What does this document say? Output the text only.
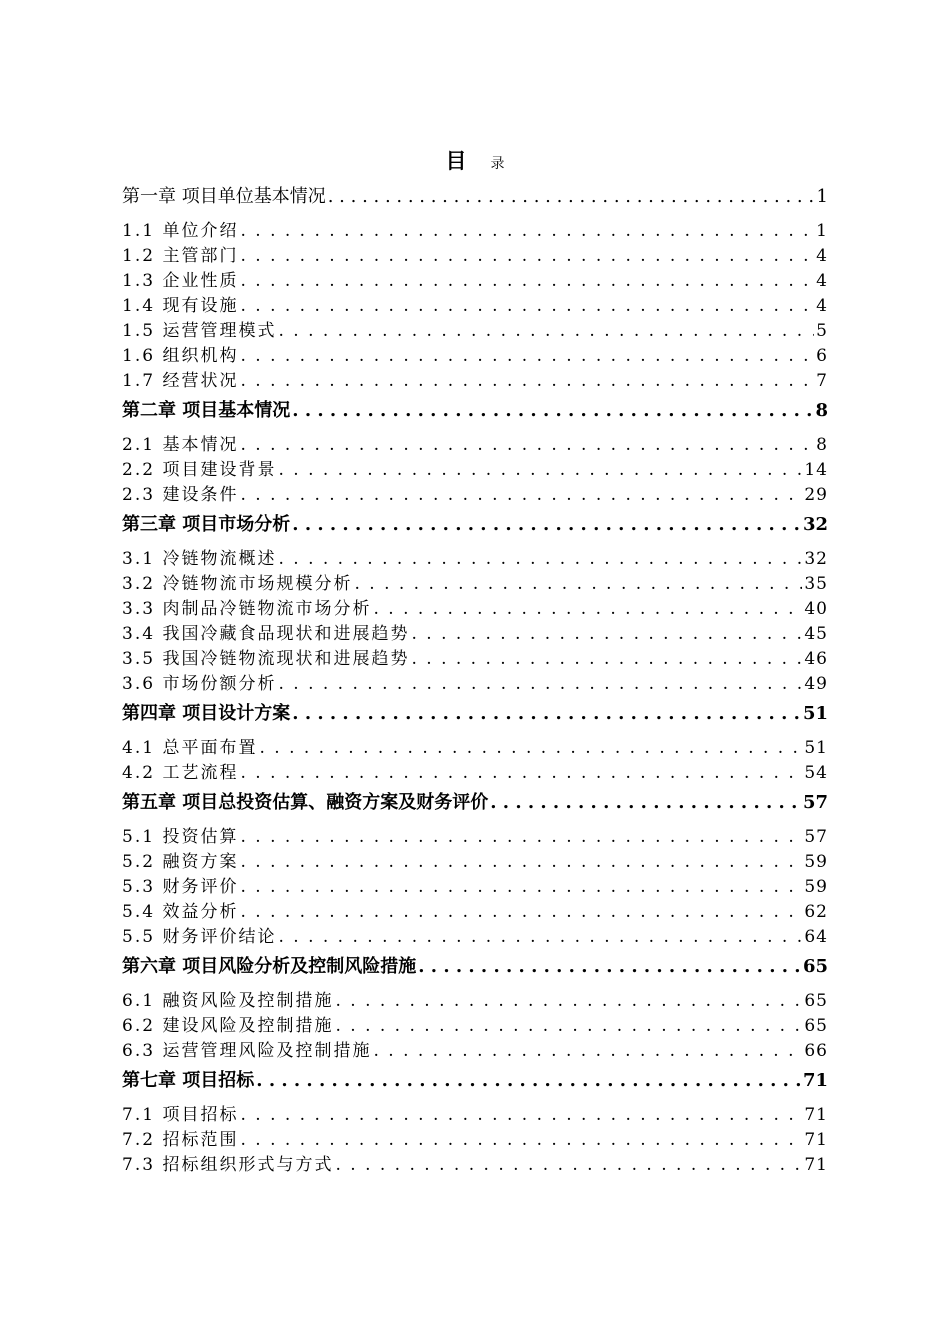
目 录
第一章 项目单位基本情况 . . .	1
1.1 单位介绍 . . .	1
1.2 主管部门 . . .	4
1.3 企业性质 . . .	4
1.4 现有设施 . . .	4
1.5 运营管理模式 . . .	5
1.6 组织机构 . . .	6
1.7 经营状况 . . .	7
第二章 项目基本情况 . . .	8
2.1 基本情况 . . .	8
2.2 项目建设背景 . . .	14
2.3 建设条件 . . .	29
第三章 项目市场分析 . . .	32
3.1 冷链物流概述 . . .	32
3.2 冷链物流市场规模分析 . . .	35
3.3 肉制品冷链物流市场分析 . . .	40
3.4 我国冷藏食品现状和进展趋势 . . .	45
3.5 我国冷链物流现状和进展趋势 . . .	46
3.6 市场份额分析 . . .	49
第四章 项目设计方案 . . .	51
4.1 总平面布置 . . .	51
4.2 工艺流程 . . .	54
第五章 项目总投资估算、融资方案及财务评价 . . .	57
5.1 投资估算 . . .	57
5.2 融资方案 . . .	59
5.3 财务评价 . . .	59
5.4 效益分析 . . .	62
5.5 财务评价结论 . . .	64
第六章 项目风险分析及控制风险措施 . . .	65
6.1 融资风险及控制措施 . . .	65
6.2 建设风险及控制措施 . . .	65
6.3 运营管理风险及控制措施 . . .	66
第七章 项目招标 . . .	71
7.1 项目招标 . . .	71
7.2 招标范围 . . .	71
7.3 招标组织形式与方式 . . .	71
